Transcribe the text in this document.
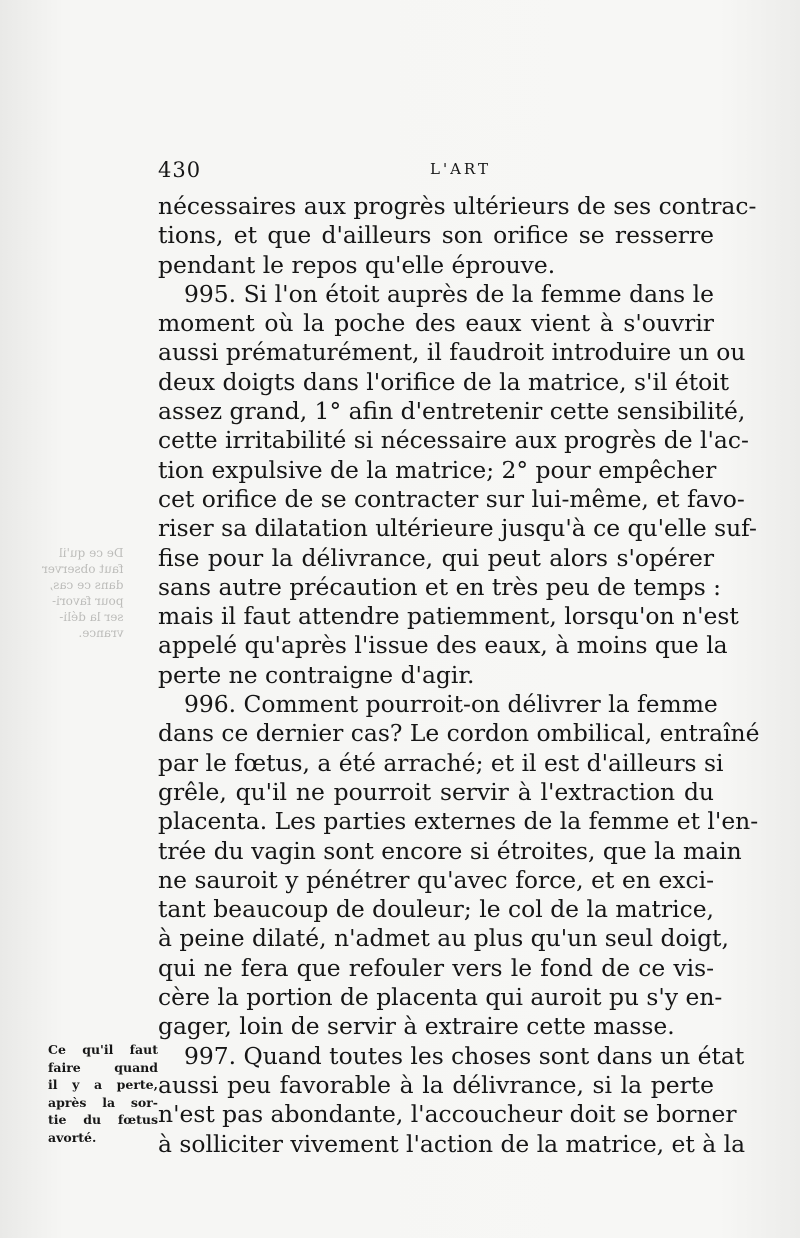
De ce qu'il
faut observer
dans ce cas,
pour favori-
ser la déli-
vrance.
430	L'ART
nécessaires aux progrès ultérieurs de ses contrac-
tions, et que d'ailleurs son orifice se resserre
pendant le repos qu'elle éprouve.
995. Si l'on étoit auprès de la femme dans le
moment où la poche des eaux vient à s'ouvrir
aussi prématurément, il faudroit introduire un ou
deux doigts dans l'orifice de la matrice, s'il étoit
assez grand, 1° afin d'entretenir cette sensibilité,
cette irritabilité si nécessaire aux progrès de l'ac-
tion expulsive de la matrice; 2° pour empêcher
cet orifice de se contracter sur lui-même, et favo-
riser sa dilatation ultérieure jusqu'à ce qu'elle suf-
fise pour la délivrance, qui peut alors s'opérer
sans autre précaution et en très peu de temps :
mais il faut attendre patiemment, lorsqu'on n'est
appelé qu'après l'issue des eaux, à moins que la
perte ne contraigne d'agir.
996. Comment pourroit-on délivrer la femme
dans ce dernier cas? Le cordon ombilical, entraîné
par le fœtus, a été arraché; et il est d'ailleurs si
grêle, qu'il ne pourroit servir à l'extraction du
placenta. Les parties externes de la femme et l'en-
trée du vagin sont encore si étroites, que la main
ne sauroit y pénétrer qu'avec force, et en exci-
tant beaucoup de douleur; le col de la matrice,
à peine dilaté, n'admet au plus qu'un seul doigt,
qui ne fera que refouler vers le fond de ce vis-
cère la portion de placenta qui auroit pu s'y en-
gager, loin de servir à extraire cette masse.
997. Quand toutes les choses sont dans un état
aussi peu favorable à la délivrance, si la perte
n'est pas abondante, l'accoucheur doit se borner
à solliciter vivement l'action de la matrice, et à la
Ce qu'il faut
faire quand
il y a perte,
après la sor-
tie du fœtus
avorté.
